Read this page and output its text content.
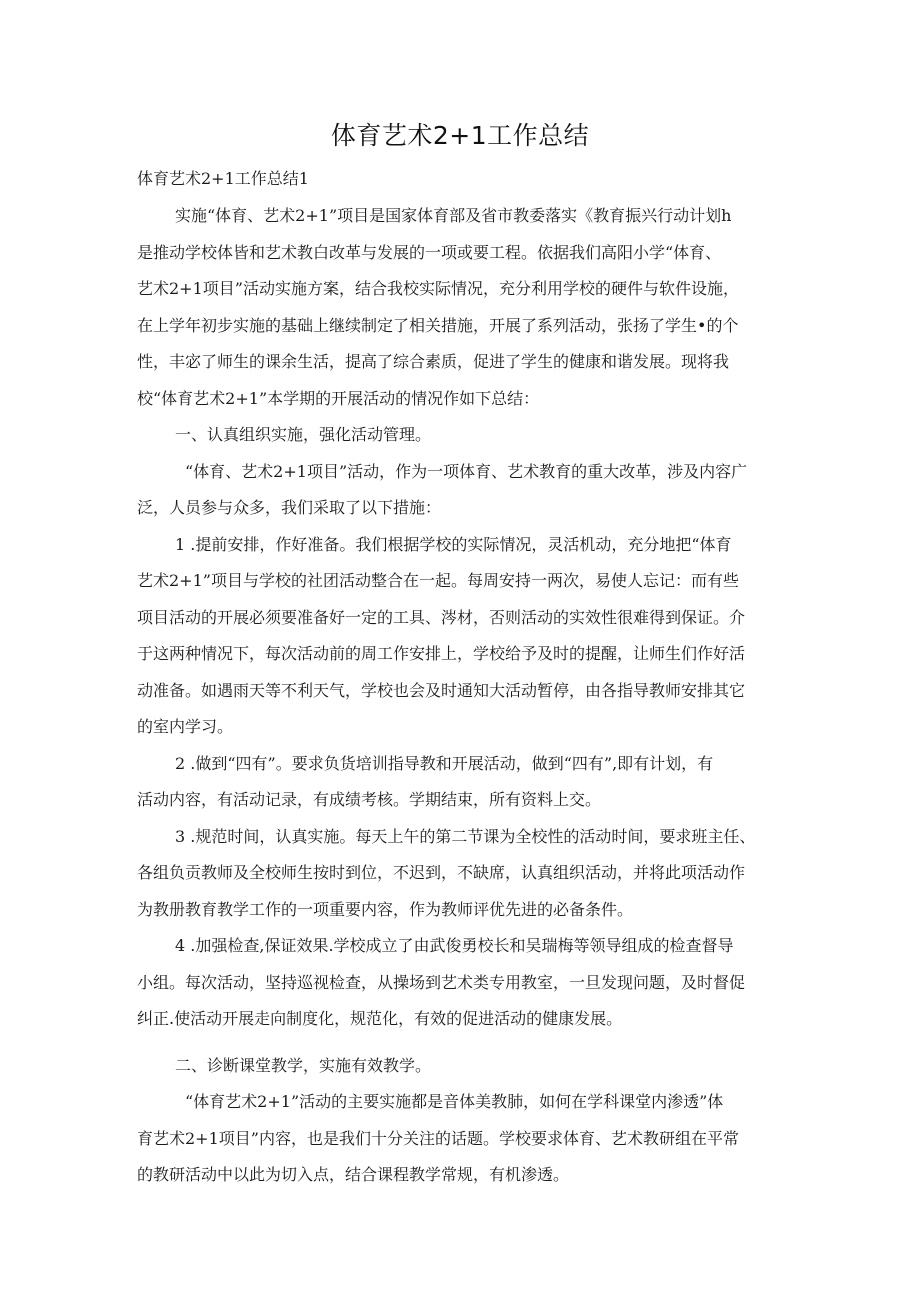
体育艺术2+1工作总结
体育艺术2+1工作总结1
实施“体育、艺术2+1”项目是国家体育部及省市教委落实《教育振兴行动计划h
是推动学校体皆和艺术教白改革与发展的一项或要工程。依据我们高阳小学“体育、
艺术2+1项目”活动实施方案，结合我校实际情况，充分利用学校的硬件与软件设施，
在上学年初步实施的基础上继续制定了相关措施，开展了系列活动，张扬了学生•的个
性，丰宓了师生的课余生活，提高了综合素质，促进了学生的健康和谐发展。现将我
校“体育艺术2+1”本学期的开展活动的情况作如下总结：
一、认真组织实施，强化活动管理。
“体育、艺术2+1项目”活动，作为一项体育、艺术教育的重大改革，涉及内容广
泛，人员参与众多，我们采取了以下措施：
1 .提前安排，作好准备。我们根据学校的实际情况，灵活机动，充分地把“体育
艺术2+1”项目与学校的社团活动整合在一起。每周安持一两次，易使人忘记：而有些
项目活动的开展必须要准备好一定的工具、涔材，否则活动的实效性很难得到保证。介
于这两种情况下，每次活动前的周工作安排上，学校给予及时的提醒，让师生们作好活
动准备。如遇雨天等不利天气，学校也会及时通知大活动暂停，由各指导教师安排其它
的室内学习。
2 .做到“四有”。要求负货培训指导教和开展活动，做到“四有”,即有计划，有
活动内容，有活动记录，有成绩考核。学期结束，所有资料上交。
3 .规范时间，认真实施。每天上午的第二节课为全校性的活动时间，要求班主任、
各组负贡教师及全校师生按时到位，不迟到，不缺席，认真组织活动，并将此项活动作
为教册教育教学工作的一项重要内容，作为教师评优先进的必备条件。
4 .加强检查,保证效果.学校成立了由武俊勇校长和吴瑞梅等领导组成的检查督导
小组。每次活动，坚持巡视检查，从操场到艺术类专用教室，一旦发现问题，及时督促
纠正.使活动开展走向制度化，规范化，有效的促进活动的健康发展。
二、诊断课堂教学，实施有效教学。
“体育艺术2+1”活动的主要实施都是音体美教肺，如何在学科课堂内渗透”体
育艺术2+1项目”内容，也是我们十分关注的话题。学校要求体育、艺术教研组在平常
的教研活动中以此为切入点，结合课程教学常规，有机渗透。
